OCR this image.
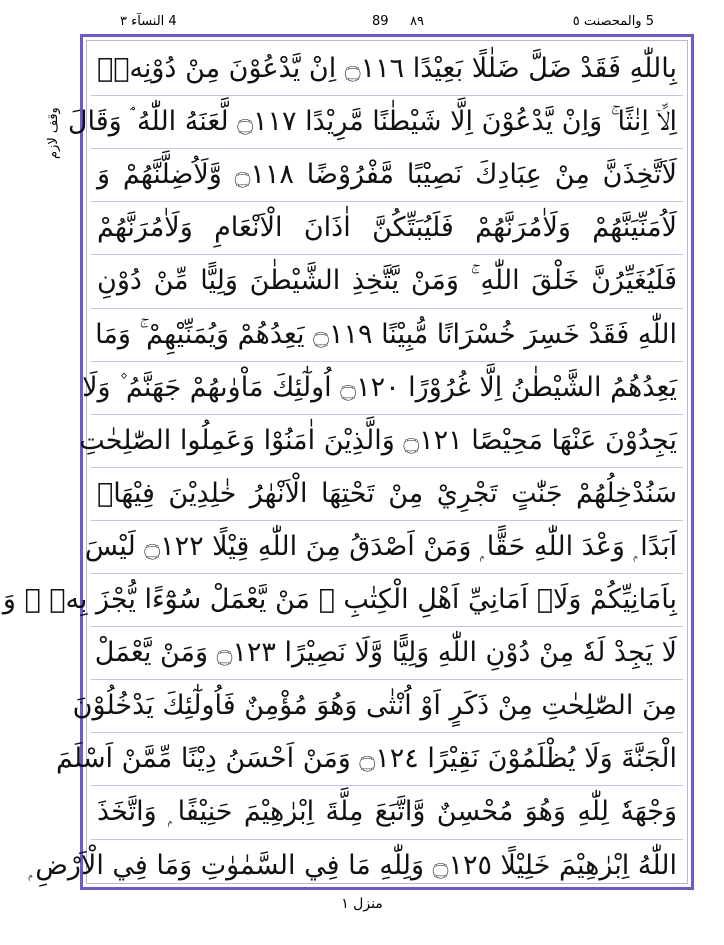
4 النسآء ٣	89 ٨٩	5 والمحصنت ٥
وقف لازم
بِاللّٰهِ فَقَدْ ضَلَّ ضَلٰلًا بَعِيْدًا ۝١١٦ اِنْ يَّدْعُوْنَ مِنْ دُوْنِهٖۤ
اِلَّاۤ اِنٰثًا ۚ وَاِنْ يَّدْعُوْنَ اِلَّا شَيْطٰنًا مَّرِيْدًا ۝١١٧ لَّعَنَهُ اللّٰهُ ۘ وَقَالَ
لَاَتَّخِذَنَّ مِنْ عِبَادِكَ نَصِيْبًا مَّفْرُوْضًا ۝١١٨ وَّلَاُضِلَّنَّهُمْ وَ
لَاُمَنِّيَنَّهُمْ وَلَاٰمُرَنَّهُمْ فَلَيُبَتِّكُنَّ اٰذَانَ الْاَنْعَامِ وَلَاٰمُرَنَّهُمْ
فَلَيُغَيِّرُنَّ خَلْقَ اللّٰهِ ۚ وَمَنْ يَّتَّخِذِ الشَّيْطٰنَ وَلِيًّا مِّنْ دُوْنِ
اللّٰهِ فَقَدْ خَسِرَ خُسْرَانًا مُّبِيْنًا ۝١١٩ يَعِدُهُمْ وَيُمَنِّيْهِمْ ۚ وَمَا
يَعِدُهُمُ الشَّيْطٰنُ اِلَّا غُرُوْرًا ۝١٢٠ اُولٰٓئِكَ مَاْوٰىهُمْ جَهَنَّمُ ۫ وَلَا
يَجِدُوْنَ عَنْهَا مَحِيْصًا ۝١٢١ وَالَّذِيْنَ اٰمَنُوْا وَعَمِلُوا الصّٰلِحٰتِ
سَنُدْخِلُهُمْ جَنّٰتٍ تَجْرِيْ مِنْ تَحْتِهَا الْاَنْهٰرُ خٰلِدِيْنَ فِيْهَاۤ
اَبَدًا ۭ وَعْدَ اللّٰهِ حَقًّا ۭ وَمَنْ اَصْدَقُ مِنَ اللّٰهِ قِيْلًا ۝١٢٢ لَيْسَ
بِاَمَانِيِّكُمْ وَلَاۤ اَمَانِيِّ اَهْلِ الْكِتٰبِ ۭ مَنْ يَّعْمَلْ سُوْٓءًا يُّجْزَ بِهٖ ۙ وَ
لَا يَجِدْ لَهٗ مِنْ دُوْنِ اللّٰهِ وَلِيًّا وَّلَا نَصِيْرًا ۝١٢٣ وَمَنْ يَّعْمَلْ
مِنَ الصّٰلِحٰتِ مِنْ ذَكَرٍ اَوْ اُنْثٰى وَهُوَ مُؤْمِنٌ فَاُولٰٓئِكَ يَدْخُلُوْنَ
الْجَنَّةَ وَلَا يُظْلَمُوْنَ نَقِيْرًا ۝١٢٤ وَمَنْ اَحْسَنُ دِيْنًا مِّمَّنْ اَسْلَمَ
وَجْهَهٗ لِلّٰهِ وَهُوَ مُحْسِنٌ وَّاتَّبَعَ مِلَّةَ اِبْرٰهِيْمَ حَنِيْفًا ۭ وَاتَّخَذَ
اللّٰهُ اِبْرٰهِيْمَ خَلِيْلًا ۝١٢٥ وَلِلّٰهِ مَا فِي السَّمٰوٰتِ وَمَا فِي الْاَرْضِ ۭ
منزل ١
